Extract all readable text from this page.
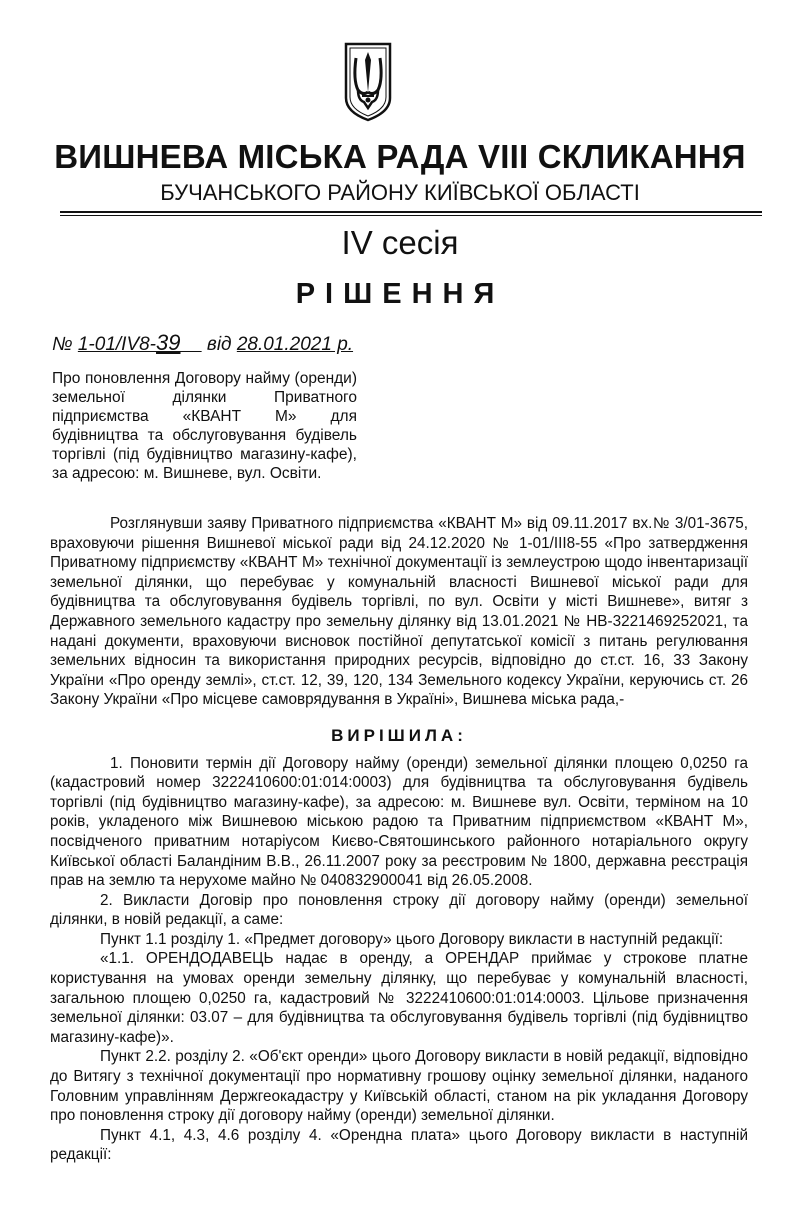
ВИШНЕВА МІСЬКА РАДА VIII СКЛИКАННЯ
БУЧАНСЬКОГО РАЙОНУ КИЇВСЬКОЇ ОБЛАСТІ
IV сесія
РІШЕННЯ
№ 1-01/IV8-39 від 28.01.2021 р.
Про поновлення Договору найму (оренди) земельної ділянки Приватного підприємства «КВАНТ М» для будівництва та обслуговування будівель торгівлі (під будівництво магазину-кафе), за адресою: м. Вишневе, вул. Освіти.

Розглянувши заяву Приватного підприємства «КВАНТ М» від 09.11.2017 вх.№ 3/01-3675, враховуючи рішення Вишневої міської ради від 24.12.2020 № 1-01/III8-55 «Про затвердження Приватному підприємству «КВАНТ М» технічної документації із землеустрою щодо інвентаризації земельної ділянки, що перебуває у комунальній власності Вишневої міської ради для будівництва та обслуговування будівель торгівлі, по вул. Освіти у місті Вишневе», витяг з Державного земельного кадастру про земельну ділянку від 13.01.2021 № НВ-3221469252021, та надані документи, враховуючи висновок постійної депутатської комісії з питань регулювання земельних відносин та використання природних ресурсів, відповідно до ст.ст. 16, 33 Закону України «Про оренду землі», ст.ст. 12, 39, 120, 134 Земельного кодексу України, керуючись ст. 26 Закону України «Про місцеве самоврядування в Україні», Вишнева міська рада,-

ВИРІШИЛА:

1. Поновити термін дії Договору найму (оренди) земельної ділянки площею 0,0250 га (кадастровий номер 3222410600:01:014:0003) для будівництва та обслуговування будівель торгівлі (під будівництво магазину-кафе), за адресою: м. Вишневе вул. Освіти, терміном на 10 років, укладеного між Вишневою міською радою та Приватним підприємством «КВАНТ М», посвідченого приватним нотаріусом Києво-Святошинського районного нотаріального округу Київської області Баландіним В.В., 26.11.2007 року за реєстровим № 1800, державна реєстрація прав на землю та нерухоме майно № 040832900041 від 26.05.2008.

2. Викласти Договір про поновлення строку дії договору найму (оренди) земельної ділянки, в новій редакції, а саме:

Пункт 1.1 розділу 1. «Предмет договору» цього Договору викласти в наступній редакції:

«1.1. ОРЕНДОДАВЕЦЬ надає в оренду, а ОРЕНДАР приймає у строкове платне користування на умовах оренди земельну ділянку, що перебуває у комунальній власності, загальною площею 0,0250 га, кадастровий № 3222410600:01:014:0003. Цільове призначення земельної ділянки: 03.07 – для будівництва та обслуговування будівель торгівлі (під будівництво магазину-кафе)».

Пункт 2.2. розділу 2. «Об'єкт оренди» цього Договору викласти в новій редакції, відповідно до Витягу з технічної документації про нормативну грошову оцінку земельної ділянки, наданого Головним управлінням Держгеокадастру у Київській області, станом на рік укладання Договору про поновлення строку дії договору найму (оренди) земельної ділянки.

Пункт 4.1, 4.3, 4.6 розділу 4. «Орендна плата» цього Договору викласти в наступній редакції:
